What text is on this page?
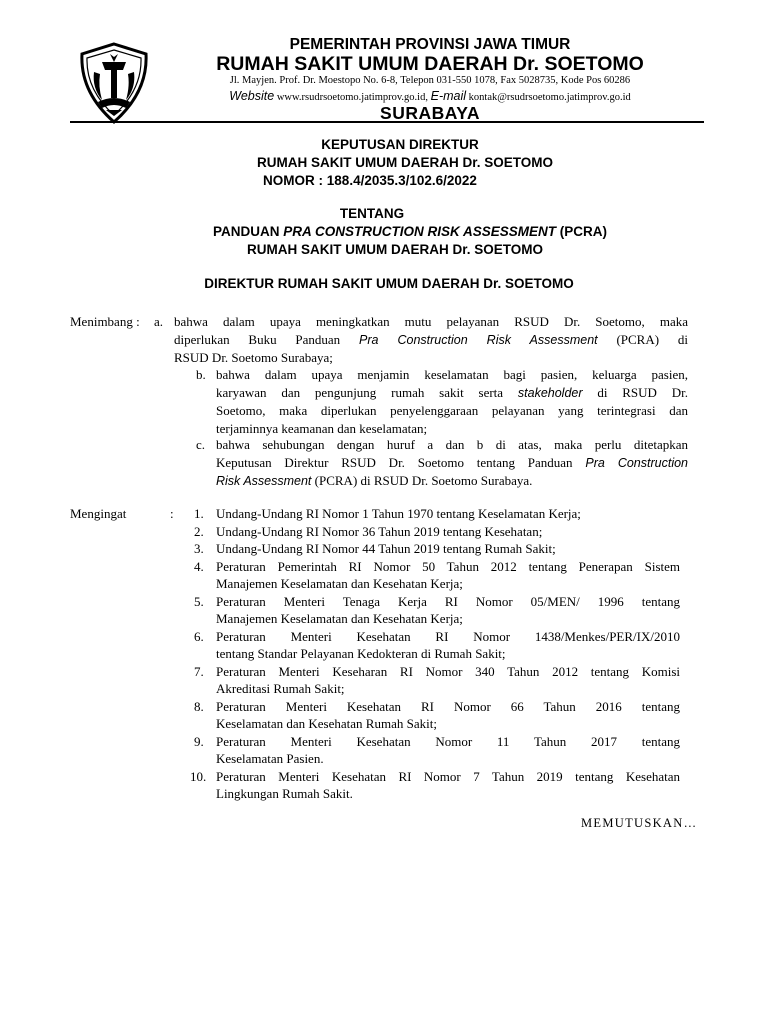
PEMERINTAH PROVINSI JAWA TIMUR
RUMAH SAKIT UMUM DAERAH Dr. SOETOMO
Jl. Mayjen. Prof. Dr. Moestopo No. 6-8, Telepon 031-550 1078, Fax 5028735, Kode Pos 60286
Website www.rsudrsoetomo.jatimprov.go.id, E-mail kontak@rsudrsoetomo.jatimprov.go.id
SURABAYA
KEPUTUSAN DIREKTUR
RUMAH SAKIT UMUM DAERAH Dr. SOETOMO
NOMOR : 188.4/2035.3/102.6/2022
TENTANG
PANDUAN PRA CONSTRUCTION RISK ASSESSMENT (PCRA)
RUMAH SAKIT UMUM DAERAH Dr. SOETOMO
DIREKTUR RUMAH SAKIT UMUM DAERAH Dr. SOETOMO
Menimbang : a. bahwa dalam upaya meningkatkan mutu pelayanan RSUD Dr. Soetomo, maka
diperlukan Buku Panduan Pra Construction Risk Assessment (PCRA) di
RSUD Dr. Soetomo Surabaya;
b. bahwa dalam upaya menjamin keselamatan bagi pasien, keluarga pasien,
karyawan dan pengunjung rumah sakit serta stakeholder di RSUD Dr.
Soetomo, maka diperlukan penyelenggaraan pelayanan yang terintegrasi dan
terjaminnya keamanan dan keselamatan;
c. bahwa sehubungan dengan huruf a dan b di atas, maka perlu ditetapkan
Keputusan Direktur RSUD Dr. Soetomo tentang Panduan Pra Construction
Risk Assessment (PCRA) di RSUD Dr. Soetomo Surabaya.
Mengingat	: 1. Undang-Undang RI Nomor 1 Tahun 1970 tentang Keselamatan Kerja;
2. Undang-Undang RI Nomor 36 Tahun 2019 tentang Kesehatan;
3. Undang-Undang RI Nomor 44 Tahun 2019 tentang Rumah Sakit;
4. Peraturan Pemerintah RI Nomor 50 Tahun 2012 tentang Penerapan Sistem
Manajemen Keselamatan dan Kesehatan Kerja;
5. Peraturan Menteri Tenaga Kerja RI Nomor 05/MEN/ 1996 tentang
Manajemen Keselamatan dan Kesehatan Kerja;
6. Peraturan Menteri Kesehatan RI Nomor 1438/Menkes/PER/IX/2010
tentang Standar Pelayanan Kedokteran di Rumah Sakit;
7. Peraturan Menteri Keseharan RI Nomor 340 Tahun 2012 tentang Komisi
Akreditasi Rumah Sakit;
8. Peraturan Menteri Kesehatan RI Nomor 66 Tahun 2016 tentang
Keselamatan dan Kesehatan Rumah Sakit;
9. Peraturan Menteri Kesehatan Nomor 11 Tahun 2017 tentang
Keselamatan Pasien.
10. Peraturan Menteri Kesehatan RI Nomor 7 Tahun 2019 tentang Kesehatan
Lingkungan Rumah Sakit.
MEMUTUSKAN…
